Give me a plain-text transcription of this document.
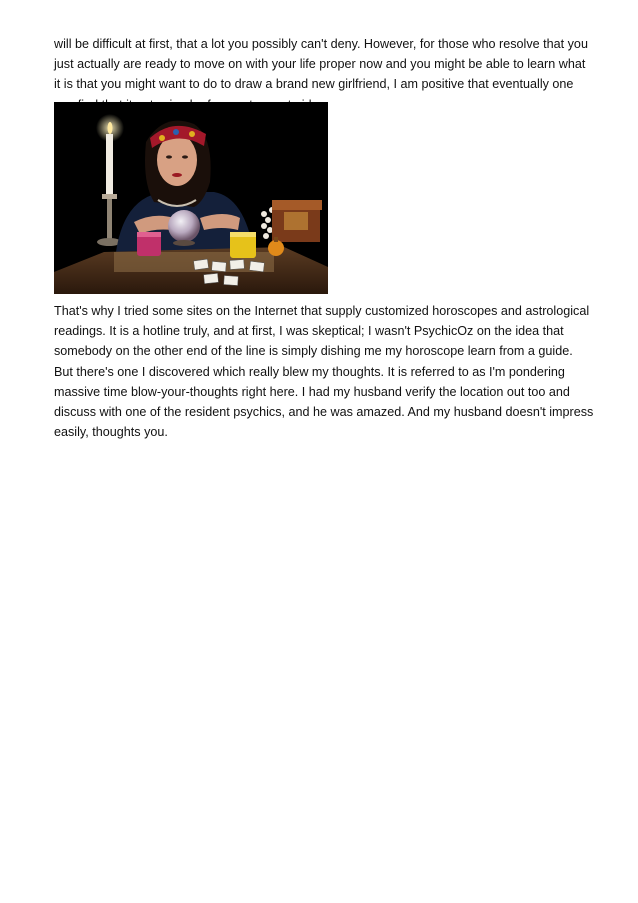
will be difficult at first, that a lot you possibly can't deny. However, for those who resolve that you just actually are ready to move on with your life proper now and you might be able to learn what it is that you might want to do to draw a brand new girlfriend, I am positive that eventually one

That's why I tried some sites on the Internet that supply customized horoscopes and astrological readings. It is a hotline truly, and at first, I was skeptical; I wasn't PsychicOz on the idea that somebody on the other end of the line is simply dishing me my horoscope learn from a guide. But there's one I discovered which really blew my thoughts. It is referred to as I'm pondering massive time blow-your-thoughts right here. I had my husband verify the location out too and discuss with one of the resident psychics, and he was amazed. And my husband doesn't impress easily, thoughts you.
